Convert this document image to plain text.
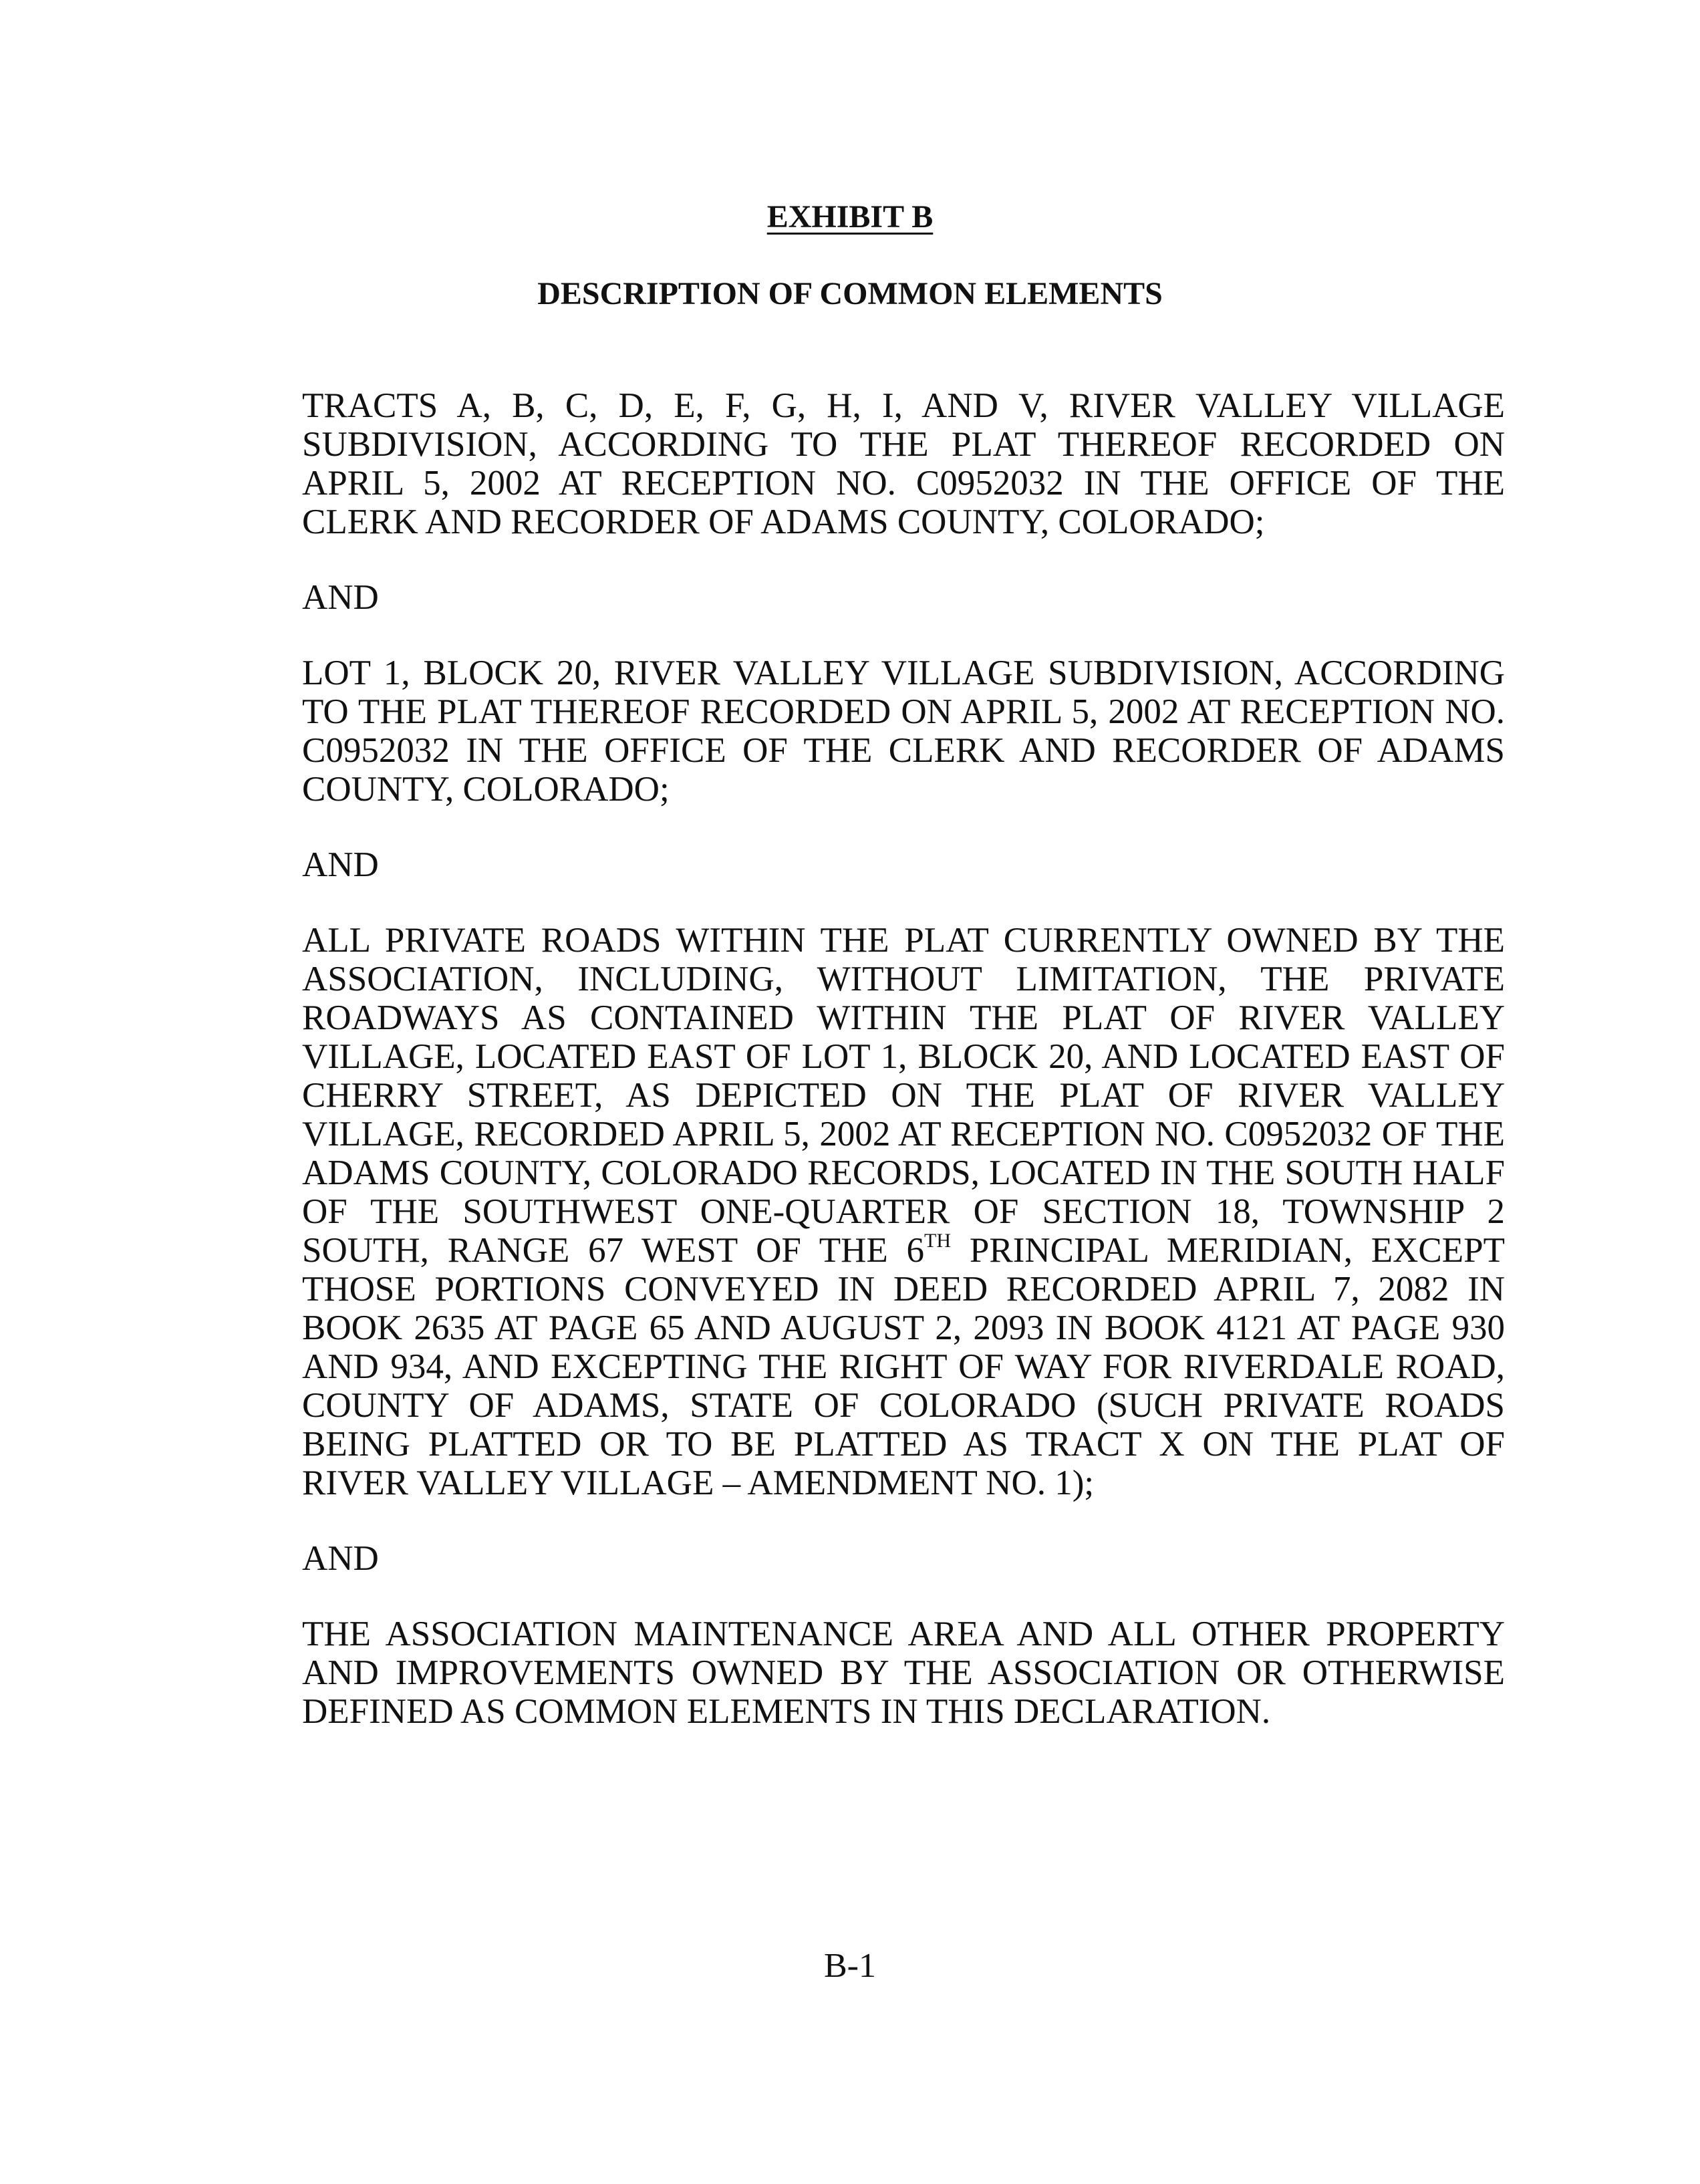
EXHIBIT B
DESCRIPTION OF COMMON ELEMENTS

TRACTS A, B, C, D, E, F, G, H, I, AND V, RIVER VALLEY VILLAGE SUBDIVISION, ACCORDING TO THE PLAT THEREOF RECORDED ON APRIL 5, 2002 AT RECEPTION NO. C0952032 IN THE OFFICE OF THE CLERK AND RECORDER OF ADAMS COUNTY, COLORADO;

AND

LOT 1, BLOCK 20, RIVER VALLEY VILLAGE SUBDIVISION, ACCORDING TO THE PLAT THEREOF RECORDED ON APRIL 5, 2002 AT RECEPTION NO. C0952032 IN THE OFFICE OF THE CLERK AND RECORDER OF ADAMS COUNTY, COLORADO;

AND

ALL PRIVATE ROADS WITHIN THE PLAT CURRENTLY OWNED BY THE ASSOCIATION, INCLUDING, WITHOUT LIMITATION, THE PRIVATE ROADWAYS AS CONTAINED WITHIN THE PLAT OF RIVER VALLEY VILLAGE, LOCATED EAST OF LOT 1, BLOCK 20, AND LOCATED EAST OF CHERRY STREET, AS DEPICTED ON THE PLAT OF RIVER VALLEY VILLAGE, RECORDED APRIL 5, 2002 AT RECEPTION NO. C0952032 OF THE ADAMS COUNTY, COLORADO RECORDS, LOCATED IN THE SOUTH HALF OF THE SOUTHWEST ONE-QUARTER OF SECTION 18, TOWNSHIP 2 SOUTH, RANGE 67 WEST OF THE 6TH PRINCIPAL MERIDIAN, EXCEPT THOSE PORTIONS CONVEYED IN DEED RECORDED APRIL 7, 2082 IN BOOK 2635 AT PAGE 65 AND AUGUST 2, 2093 IN BOOK 4121 AT PAGE 930 AND 934, AND EXCEPTING THE RIGHT OF WAY FOR RIVERDALE ROAD, COUNTY OF ADAMS, STATE OF COLORADO (SUCH PRIVATE ROADS BEING PLATTED OR TO BE PLATTED AS TRACT X ON THE PLAT OF RIVER VALLEY VILLAGE – AMENDMENT NO. 1);

AND

THE ASSOCIATION MAINTENANCE AREA AND ALL OTHER PROPERTY AND IMPROVEMENTS OWNED BY THE ASSOCIATION OR OTHERWISE DEFINED AS COMMON ELEMENTS IN THIS DECLARATION.

B-1
